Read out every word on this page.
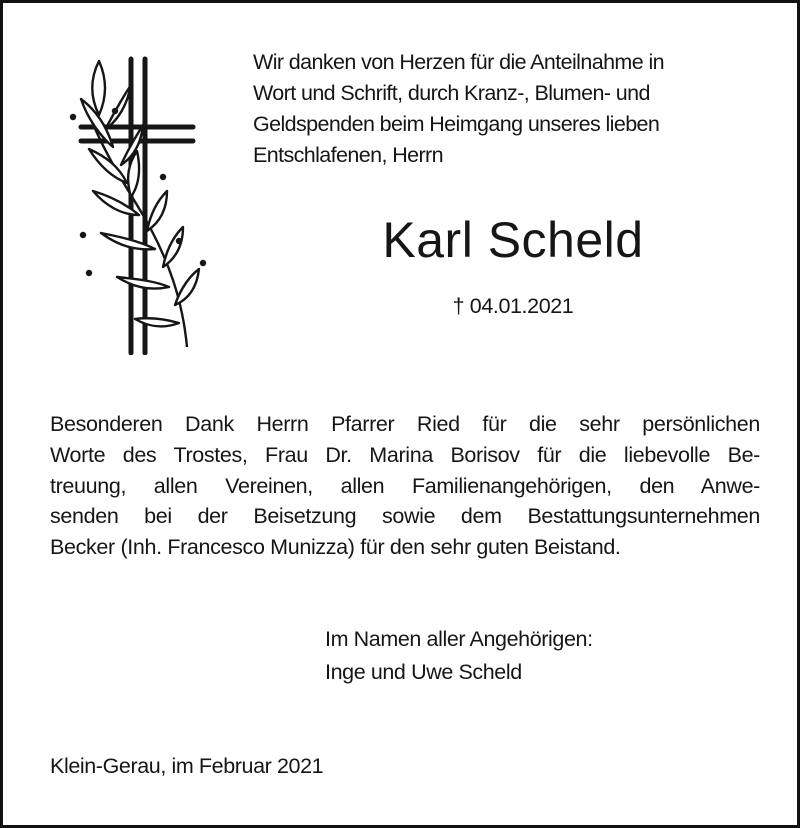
Wir danken von Herzen für die Anteilnahme in
Wort und Schrift, durch Kranz-, Blumen- und
Geldspenden beim Heimgang unseres lieben
Entschlafenen, Herrn
Karl Scheld
† 04.01.2021
Besonderen Dank Herrn Pfarrer Ried für die sehr persönlichen
Worte des Trostes, Frau Dr. Marina Borisov für die liebevolle Be-
treuung, allen Vereinen, allen Familienangehörigen, den Anwe-
senden bei der Beisetzung sowie dem Bestattungsunternehmen
Becker (Inh. Francesco Munizza) für den sehr guten Beistand.
Im Namen aller Angehörigen:
Inge und Uwe Scheld
Klein-Gerau, im Februar 2021
